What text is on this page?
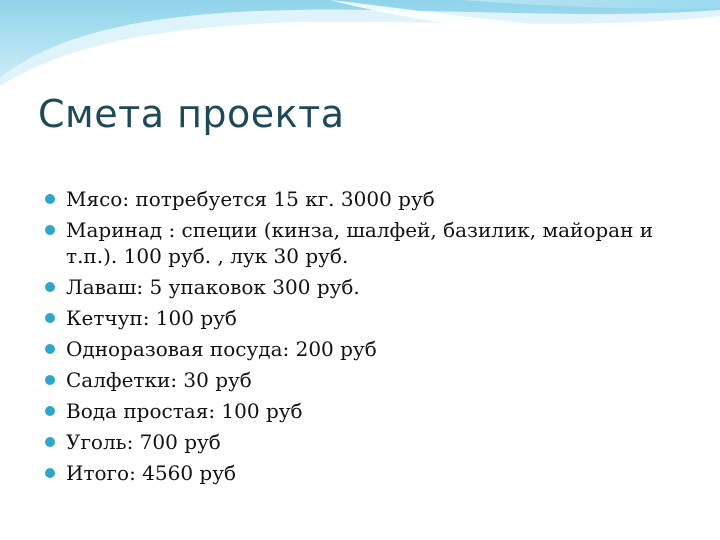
Смета проекта
Мясо: потребуется 15 кг. 3000 руб
Маринад : специи (кинза, шалфей, базилик, майоран и т.п.). 100 руб. , лук 30 руб.
Лаваш: 5 упаковок 300 руб.
Кетчуп: 100 руб
Одноразовая посуда: 200 руб
Салфетки: 30 руб
Вода простая: 100 руб
Уголь: 700 руб
Итого: 4560 руб
